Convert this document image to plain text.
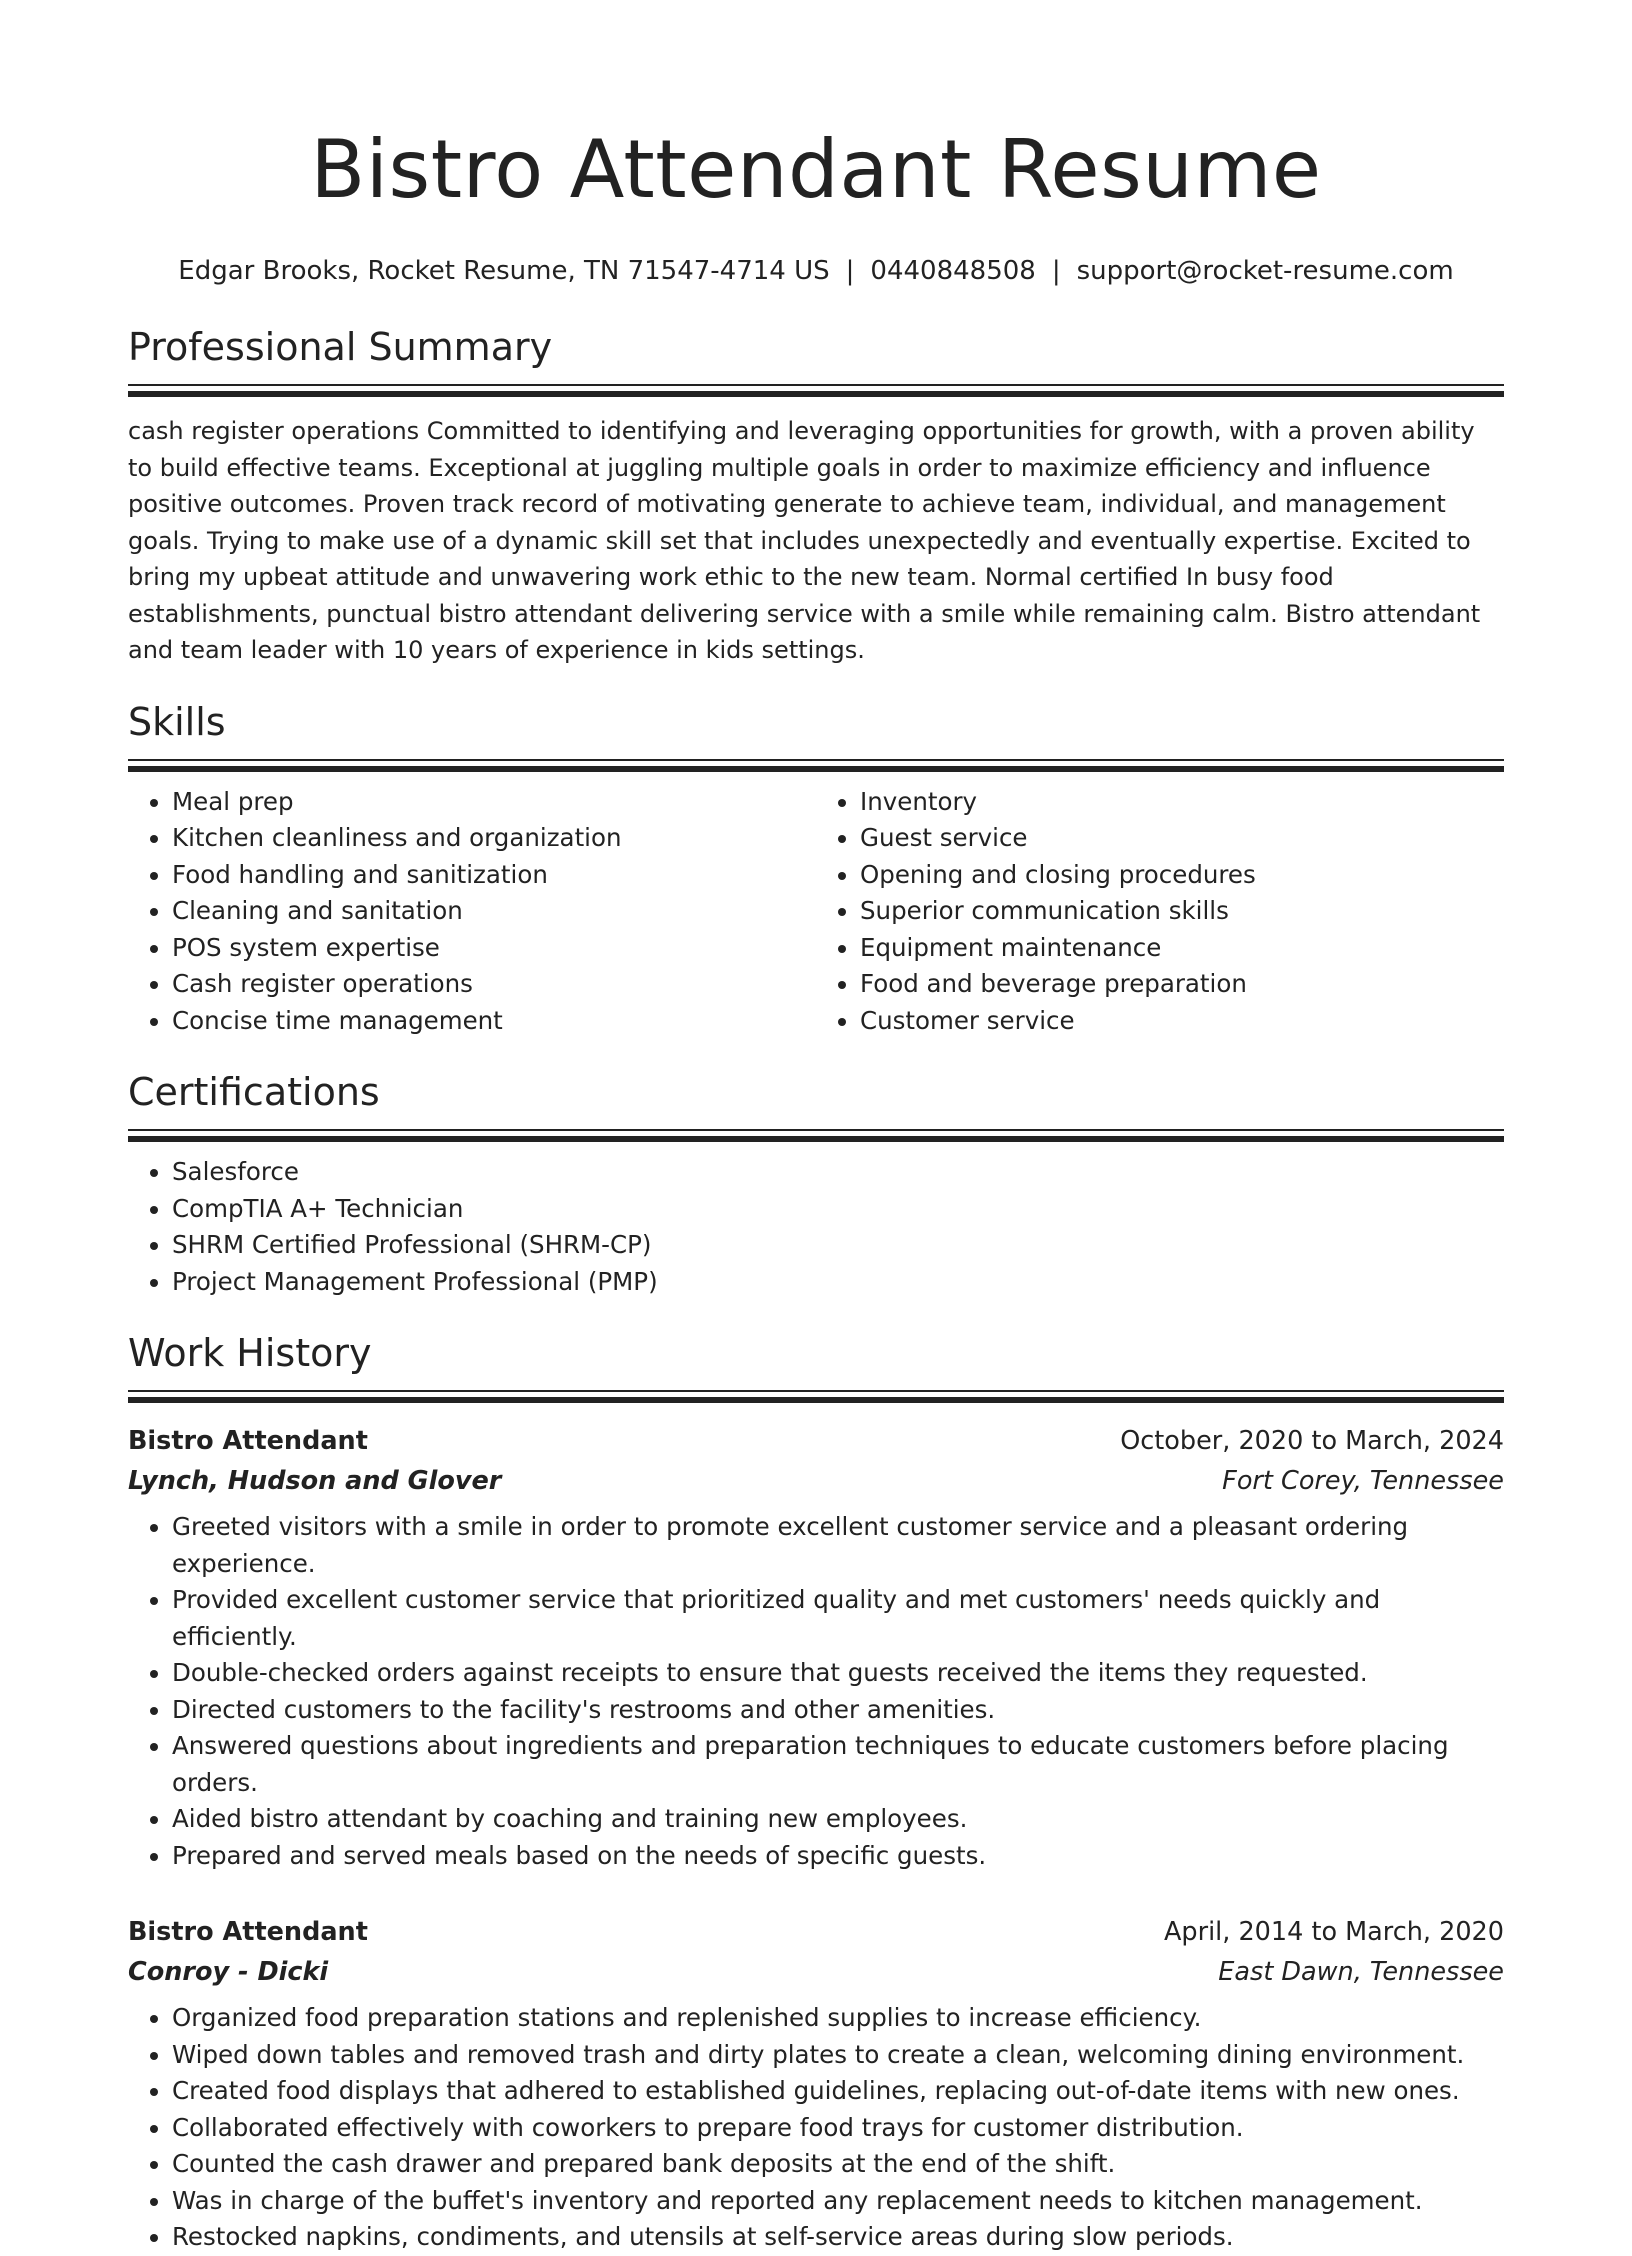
Bistro Attendant Resume
Edgar Brooks, Rocket Resume, TN 71547-4714 US | 0440848508 | support@rocket-resume.com
Professional Summary

cash register operations Committed to identifying and leveraging opportunities for growth, with a proven ability to build effective teams. Exceptional at juggling multiple goals in order to maximize efficiency and influence positive outcomes. Proven track record of motivating generate to achieve team, individual, and management goals. Trying to make use of a dynamic skill set that includes unexpectedly and eventually expertise. Excited to bring my upbeat attitude and unwavering work ethic to the new team. Normal certified In busy food establishments, punctual bistro attendant delivering service with a smile while remaining calm. Bistro attendant and team leader with 10 years of experience in kids settings.

Skills
• Meal prep
• Kitchen cleanliness and organization
• Food handling and sanitization
• Cleaning and sanitation
• POS system expertise
• Cash register operations
• Concise time management
• Inventory
• Guest service
• Opening and closing procedures
• Superior communication skills
• Equipment maintenance
• Food and beverage preparation
• Customer service
Certifications
• Salesforce
• CompTIA A+ Technician
• SHRM Certified Professional (SHRM-CP)
• Project Management Professional (PMP)
Work History
Bistro Attendant	October, 2020 to March, 2024
Lynch, Hudson and Glover	Fort Corey, Tennessee
• Greeted visitors with a smile in order to promote excellent customer service and a pleasant ordering experience.
• Provided excellent customer service that prioritized quality and met customers' needs quickly and efficiently.
• Double-checked orders against receipts to ensure that guests received the items they requested.
• Directed customers to the facility's restrooms and other amenities.
• Answered questions about ingredients and preparation techniques to educate customers before placing orders.
• Aided bistro attendant by coaching and training new employees.
• Prepared and served meals based on the needs of specific guests.
Bistro Attendant	April, 2014 to March, 2020
Conroy - Dicki	East Dawn, Tennessee
• Organized food preparation stations and replenished supplies to increase efficiency.
• Wiped down tables and removed trash and dirty plates to create a clean, welcoming dining environment.
• Created food displays that adhered to established guidelines, replacing out-of-date items with new ones.
• Collaborated effectively with coworkers to prepare food trays for customer distribution.
• Counted the cash drawer and prepared bank deposits at the end of the shift.
• Was in charge of the buffet's inventory and reported any replacement needs to kitchen management.
• Restocked napkins, condiments, and utensils at self-service areas during slow periods.
